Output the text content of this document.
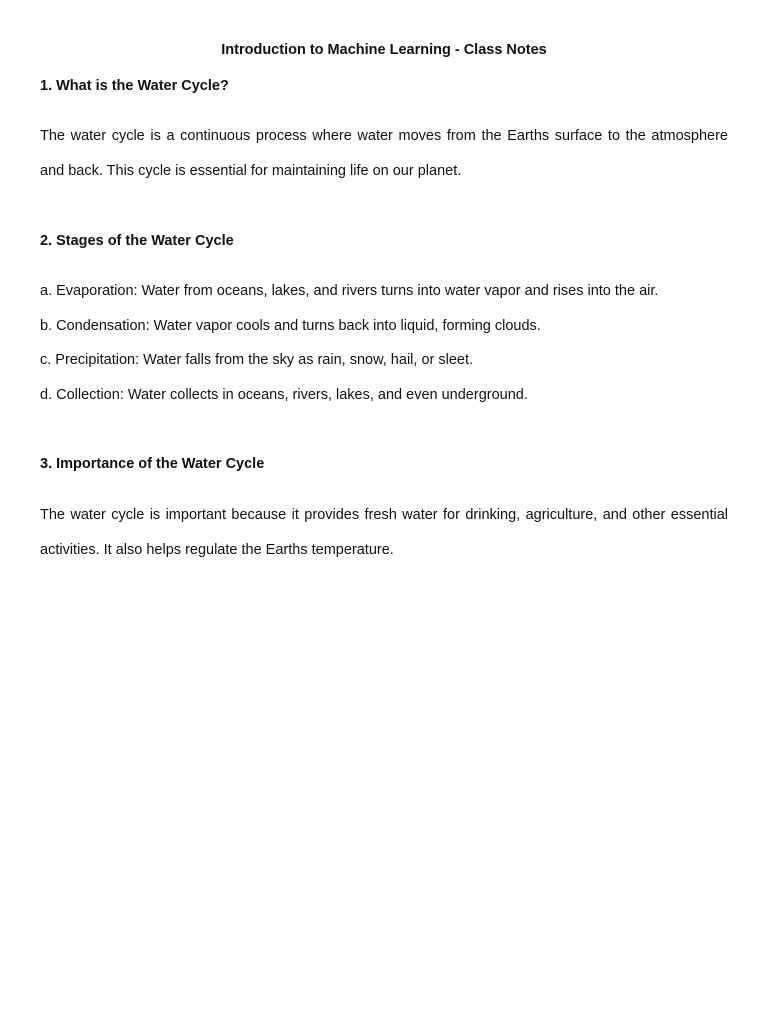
Introduction to Machine Learning - Class Notes
1. What is the Water Cycle?

The water cycle is a continuous process where water moves from the Earths surface to the atmosphere and back. This cycle is essential for maintaining life on our planet.

2. Stages of the Water Cycle
a. Evaporation: Water from oceans, lakes, and rivers turns into water vapor and rises into the air.
b. Condensation: Water vapor cools and turns back into liquid, forming clouds.
c. Precipitation: Water falls from the sky as rain, snow, hail, or sleet.
d. Collection: Water collects in oceans, rivers, lakes, and even underground.
3. Importance of the Water Cycle

The water cycle is important because it provides fresh water for drinking, agriculture, and other essential activities. It also helps regulate the Earths temperature.
